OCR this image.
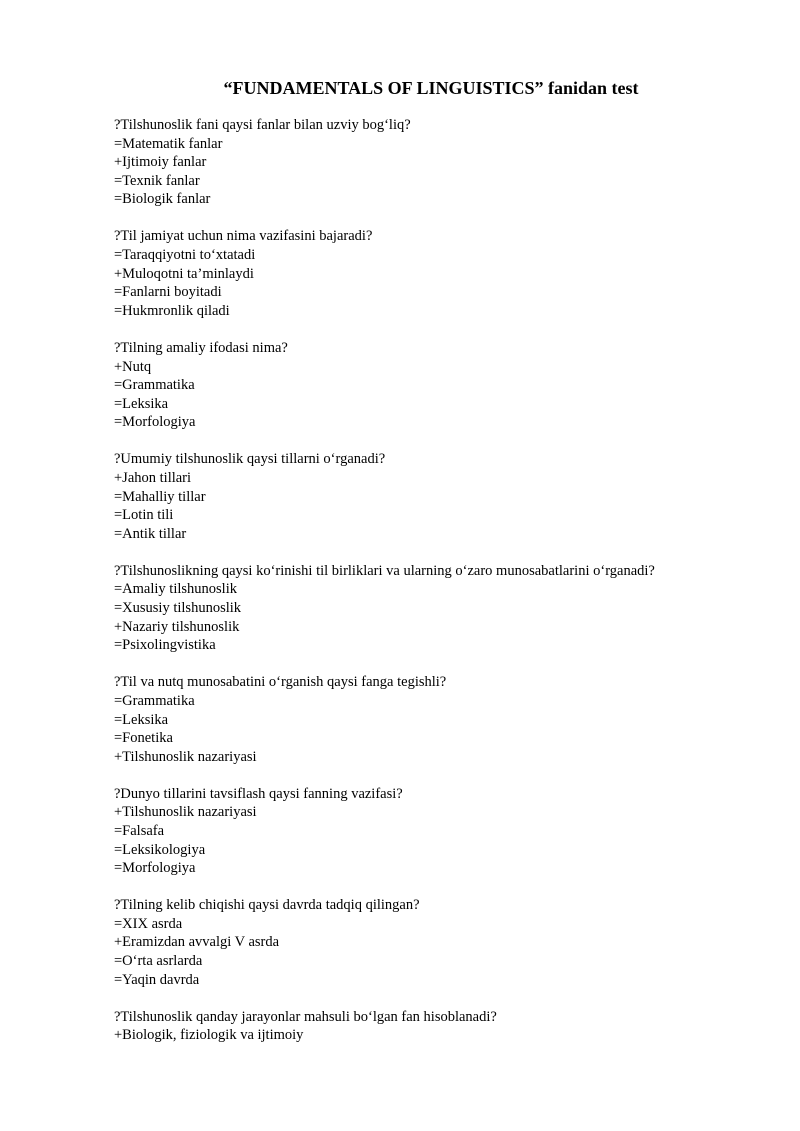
“FUNDAMENTALS OF LINGUISTICS” fanidan test

?Tilshunoslik fani qaysi fanlar bilan uzviy bog‘liq?

=Matematik fanlar

+Ijtimoiy fanlar

=Texnik fanlar

=Biologik fanlar

?Til jamiyat uchun nima vazifasini bajaradi?

=Taraqqiyotni to‘xtatadi

+Muloqotni ta’minlaydi

=Fanlarni boyitadi

=Hukmronlik qiladi

?Tilning amaliy ifodasi nima?

+Nutq

=Grammatika

=Leksika

=Morfologiya

?Umumiy tilshunoslik qaysi tillarni o‘rganadi?

+Jahon tillari

=Mahalliy tillar

=Lotin tili

=Antik tillar

?Tilshunoslikning qaysi ko‘rinishi til birliklari va ularning o‘zaro munosabatlarini o‘rganadi?

=Amaliy tilshunoslik

=Xususiy tilshunoslik

+Nazariy tilshunoslik

=Psixolingvistika

?Til va nutq munosabatini o‘rganish qaysi fanga tegishli?

=Grammatika

=Leksika

=Fonetika

+Tilshunoslik nazariyasi

?Dunyo tillarini tavsiflash qaysi fanning vazifasi?

+Tilshunoslik nazariyasi

=Falsafa

=Leksikologiya

=Morfologiya

?Tilning kelib chiqishi qaysi davrda tadqiq qilingan?

=XIX asrda

+Eramizdan avvalgi V asrda

=O‘rta asrlarda

=Yaqin davrda

?Tilshunoslik qanday jarayonlar mahsuli bo‘lgan fan hisoblanadi?

+Biologik, fiziologik va ijtimoiy
